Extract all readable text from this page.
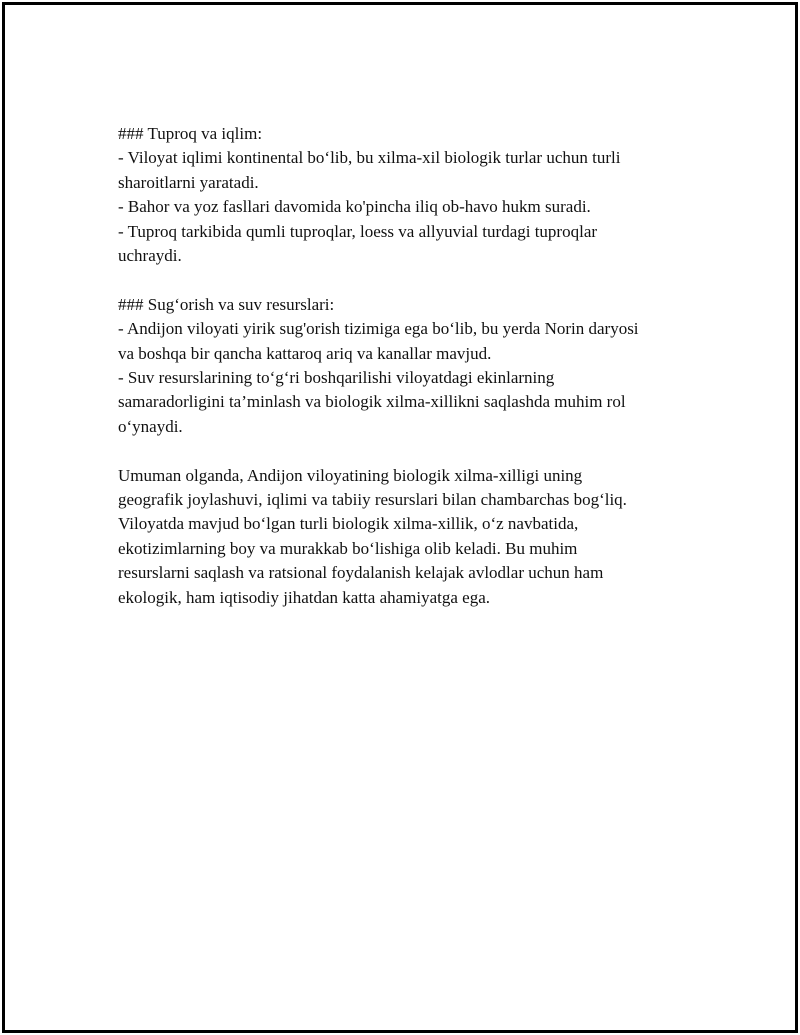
### Tuproq va iqlim:
- Viloyat iqlimi kontinental bo‘lib, bu xilma-xil biologik turlar uchun turli
sharoitlarni yaratadi.
- Bahor va yoz fasllari davomida ko'pincha iliq ob-havo hukm suradi.
- Tuproq tarkibida qumli tuproqlar, loess va allyuvial turdagi tuproqlar
uchraydi.
### Sug‘orish va suv resurslari:
- Andijon viloyati yirik sug'orish tizimiga ega bo‘lib, bu yerda Norin daryosi
va boshqa bir qancha kattaroq ariq va kanallar mavjud.
- Suv resurslarining to‘g‘ri boshqarilishi viloyatdagi ekinlarning
samaradorligini ta’minlash va biologik xilma-xillikni saqlashda muhim rol
o‘ynaydi.
Umuman olganda, Andijon viloyatining biologik xilma-xilligi uning
geografik joylashuvi, iqlimi va tabiiy resurslari bilan chambarchas bog‘liq.
Viloyatda mavjud bo‘lgan turli biologik xilma-xillik, o‘z navbatida,
ekotizimlarning boy va murakkab bo‘lishiga olib keladi. Bu muhim
resurslarni saqlash va ratsional foydalanish kelajak avlodlar uchun ham
ekologik, ham iqtisodiy jihatdan katta ahamiyatga ega.
